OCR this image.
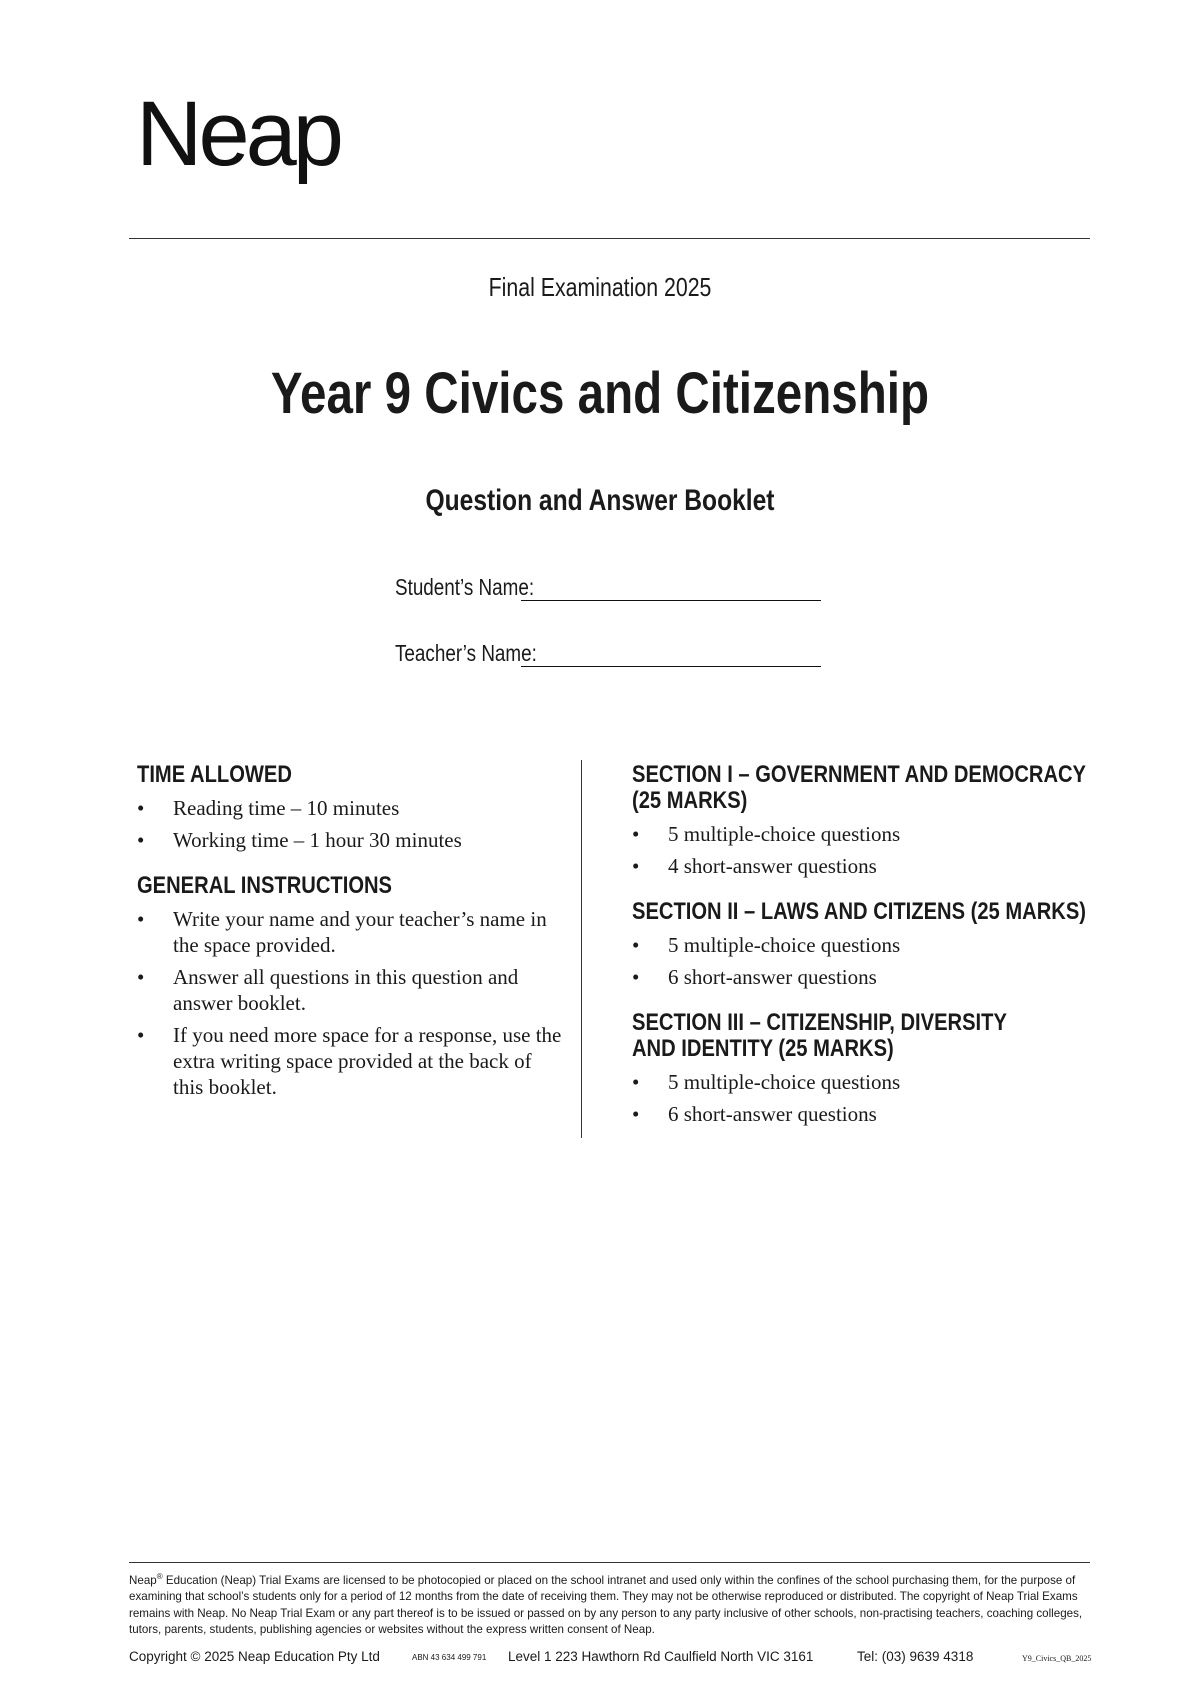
Neap
Final Examination 2025
Year 9 Civics and Citizenship
Question and Answer Booklet
Student’s Name:
Teacher’s Name:
TIME ALLOWED
• Reading time – 10 minutes
• Working time – 1 hour 30 minutes
GENERAL INSTRUCTIONS
• Write your name and your teacher’s name in the space provided.
• Answer all questions in this question and answer booklet.
• If you need more space for a response, use the extra writing space provided at the back of this booklet.
SECTION I – GOVERNMENT AND DEMOCRACY
(25 MARKS)
• 5 multiple-choice questions
• 4 short-answer questions
SECTION II – LAWS AND CITIZENS (25 MARKS)
• 5 multiple-choice questions
• 6 short-answer questions
SECTION III – CITIZENSHIP, DIVERSITY
AND IDENTITY (25 MARKS)
• 5 multiple-choice questions
• 6 short-answer questions
Neap® Education (Neap) Trial Exams are licensed to be photocopied or placed on the school intranet and used only within the confines of the school purchasing them, for the purpose of examining that school’s students only for a period of 12 months from the date of receiving them. They may not be otherwise reproduced or distributed. The copyright of Neap Trial Exams remains with Neap. No Neap Trial Exam or any part thereof is to be issued or passed on by any person to any party inclusive of other schools, non-practising teachers, coaching colleges, tutors, parents, students, publishing agencies or websites without the express written consent of Neap.
Copyright © 2025 Neap Education Pty Ltd	ABN 43 634 499 791 Level 1 223 Hawthorn Rd Caulfield North VIC 3161	Tel: (03) 9639 4318	Y9_Civics_QB_2025
